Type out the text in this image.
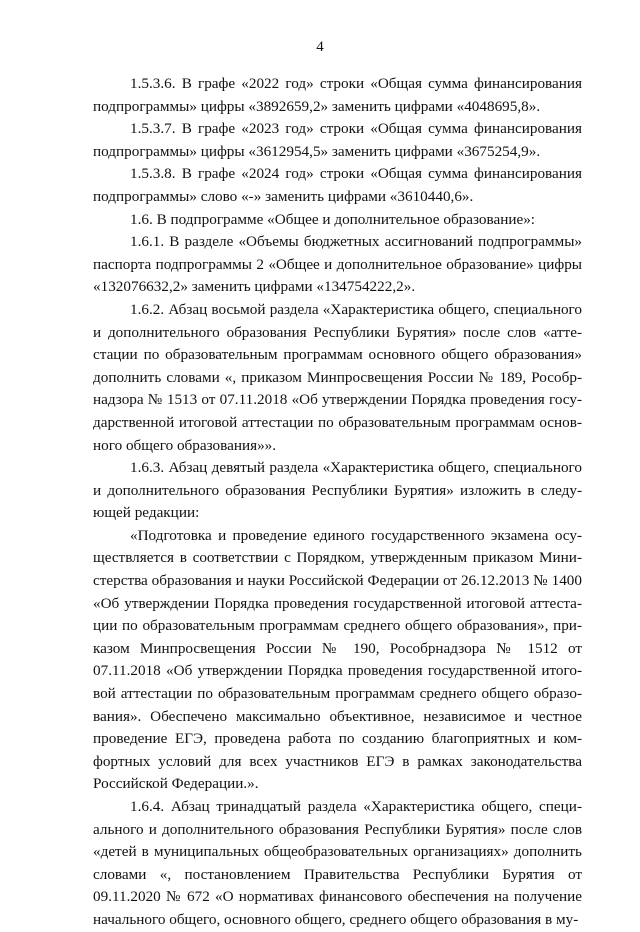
4

1.5.3.6. В графе «2022 год» строки «Общая сумма финансирования подпрограммы» цифры «3892659,2» заменить цифрами «4048695,8».

1.5.3.7. В графе «2023 год» строки «Общая сумма финансирования подпрограммы» цифры «3612954,5» заменить цифрами «3675254,9».

1.5.3.8. В графе «2024 год» строки «Общая сумма финансирования подпрограммы» слово «-» заменить цифрами «3610440,6».

1.6. В подпрограмме «Общее и дополнительное образование»:

1.6.1. В разделе «Объемы бюджетных ассигнований подпрограммы» паспорта подпрограммы 2 «Общее и дополнительное образование» цифры «132076632,2» заменить цифрами «134754222,2».

1.6.2. Абзац восьмой раздела «Характеристика общего, специального и дополнительного образования Республики Бурятия» после слов «аттестации по образовательным программам основного общего образования» дополнить словами «, приказом Минпросвещения России № 189, Рособрнадзора № 1513 от 07.11.2018 «Об утверждении Порядка проведения государственной итоговой аттестации по образовательным программам основного общего образования»».

1.6.3. Абзац девятый раздела «Характеристика общего, специального и дополнительного образования Республики Бурятия» изложить в следующей редакции:

«Подготовка и проведение единого государственного экзамена осуществляется в соответствии с Порядком, утвержденным приказом Министерства образования и науки Российской Федерации от 26.12.2013 № 1400 «Об утверждении Порядка проведения государственной итоговой аттестации по образовательным программам среднего общего образования», приказом Минпросвещения России № 190, Рособрнадзора № 1512 от 07.11.2018 «Об утверждении Порядка проведения государственной итоговой аттестации по образовательным программам среднего общего образования». Обеспечено максимально объективное, независимое и честное проведение ЕГЭ, проведена работа по созданию благоприятных и комфортных условий для всех участников ЕГЭ в рамках законодательства Российской Федерации.».

1.6.4. Абзац тринадцатый раздела «Характеристика общего, специального и дополнительного образования Республики Бурятия» после слов «детей в муниципальных общеобразовательных организациях» дополнить словами «, постановлением Правительства Республики Бурятия от 09.11.2020 № 672 «О нормативах финансового обеспечения на получение начального общего, основного общего, среднего общего образования в му-
